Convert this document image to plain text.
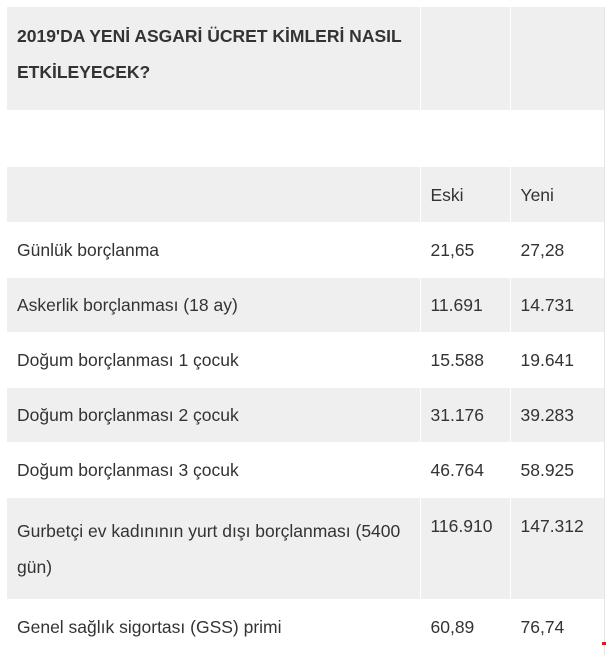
2019'DA YENİ ASGARİ ÜCRET KİMLERİ NASIL ETKİLEYECEK?		

	Eski	Yeni
Günlük borçlanma	21,65	27,28
Askerlik borçlanması (18 ay)	11.691	14.731
Doğum borçlanması 1 çocuk	15.588	19.641
Doğum borçlanması 2 çocuk	31.176	39.283
Doğum borçlanması 3 çocuk	46.764	58.925
Gurbetçi ev kadınının yurt dışı borçlanması (5400 gün)	116.910	147.312
Genel sağlık sigortası (GSS) primi	60,89	76,74
